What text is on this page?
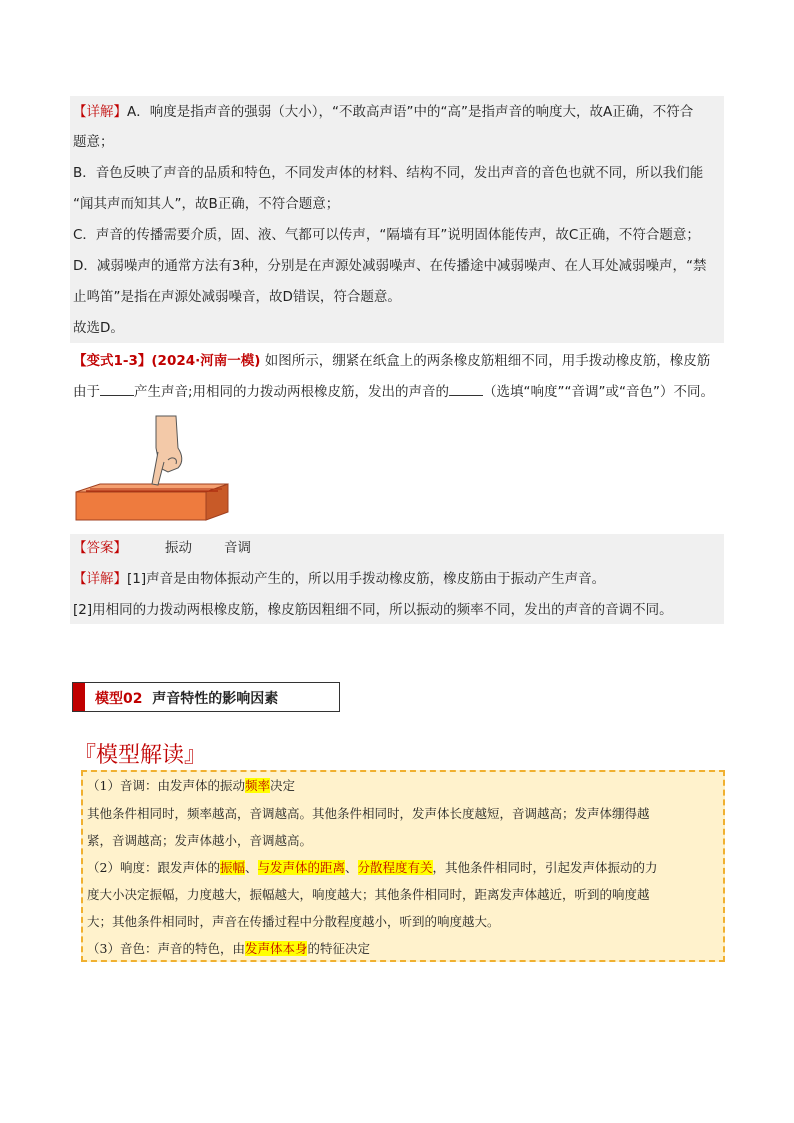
【详解】A．响度是指声音的强弱（大小），“不敢高声语”中的“高”是指声音的响度大，故A正确，不符合
题意；
B．音色反映了声音的品质和特色，不同发声体的材料、结构不同，发出声音的音色也就不同，所以我们能
“闻其声而知其人”，故B正确，不符合题意；
C．声音的传播需要介质，固、液、气都可以传声，“隔墙有耳”说明固体能传声，故C正确，不符合题意；
D．减弱噪声的通常方法有3种，分别是在声源处减弱噪声、在传播途中减弱噪声、在人耳处减弱噪声，“禁
止鸣笛”是指在声源处减弱噪音，故D错误，符合题意。
故选D。
【变式1-3】(2024·河南一模) 如图所示，绷紧在纸盒上的两条橡皮筋粗细不同，用手拨动橡皮筋，橡皮筋
由于	产生声音;用相同的力拨动两根橡皮筋，发出的声音的	（选填“响度”“音调”或“音色”）不同。
【答案】	振动 音调
【详解】[1]声音是由物体振动产生的，所以用手拨动橡皮筋，橡皮筋由于振动产生声音。
[2]用相同的力拨动两根橡皮筋，橡皮筋因粗细不同，所以振动的频率不同，发出的声音的音调不同。
模型02 声音特性的影响因素
『模型解读』
（1）音调：由发声体的振动频率决定
其他条件相同时，频率越高，音调越高。其他条件相同时，发声体长度越短，音调越高；发声体绷得越
紧，音调越高；发声体越小，音调越高。
（2）响度：跟发声体的振幅、与发声体的距离、分散程度有关，其他条件相同时，引起发声体振动的力
度大小决定振幅，力度越大，振幅越大，响度越大；其他条件相同时，距离发声体越近，听到的响度越
大；其他条件相同时，声音在传播过程中分散程度越小，听到的响度越大。
（3）音色：声音的特色，由发声体本身的特征决定
